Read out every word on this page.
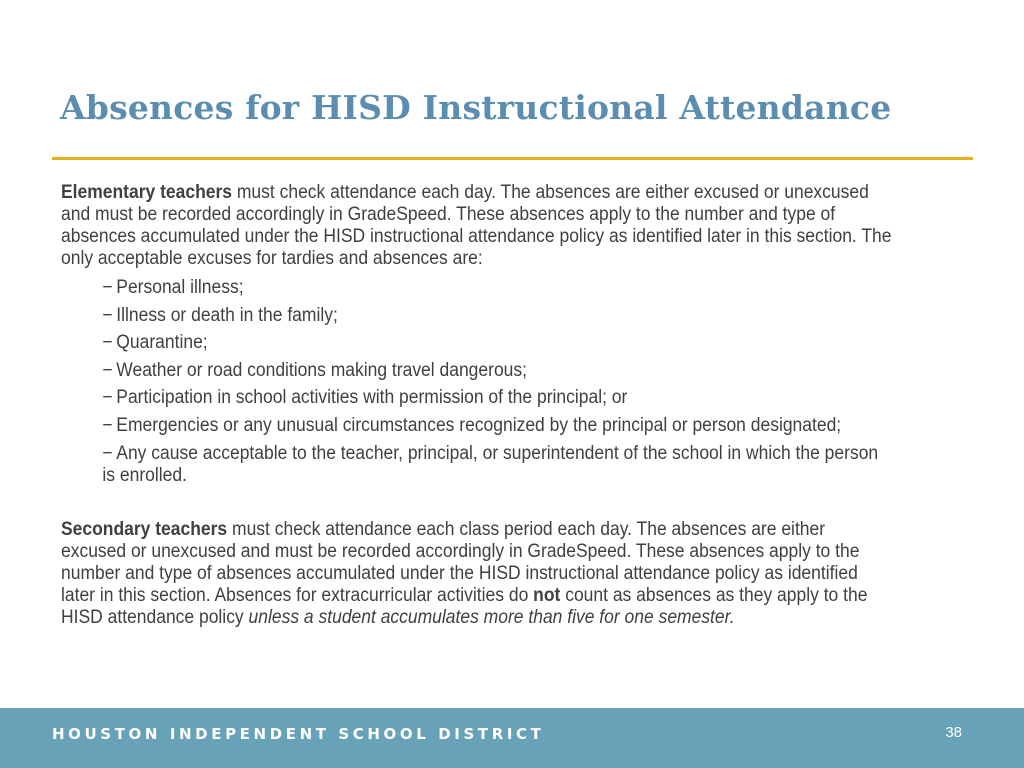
Absences for HISD Instructional Attendance

Elementary teachers must check attendance each day. The absences are either excused or unexcused and must be recorded accordingly in GradeSpeed. These absences apply to the number and type of absences accumulated under the HISD instructional attendance policy as identified later in this section. The only acceptable excuses for tardies and absences are:

− Personal illness;
− Illness or death in the family;
− Quarantine;
− Weather or road conditions making travel dangerous;
− Participation in school activities with permission of the principal; or
− Emergencies or any unusual circumstances recognized by the principal or person designated;
− Any cause acceptable to the teacher, principal, or superintendent of the school in which the person is enrolled.

Secondary teachers must check attendance each class period each day. The absences are either excused or unexcused and must be recorded accordingly in GradeSpeed. These absences apply to the number and type of absences accumulated under the HISD instructional attendance policy as identified later in this section. Absences for extracurricular activities do not count as absences as they apply to the HISD attendance policy unless a student accumulates more than five for one semester.

HOUSTON INDEPENDENT SCHOOL DISTRICT	38
